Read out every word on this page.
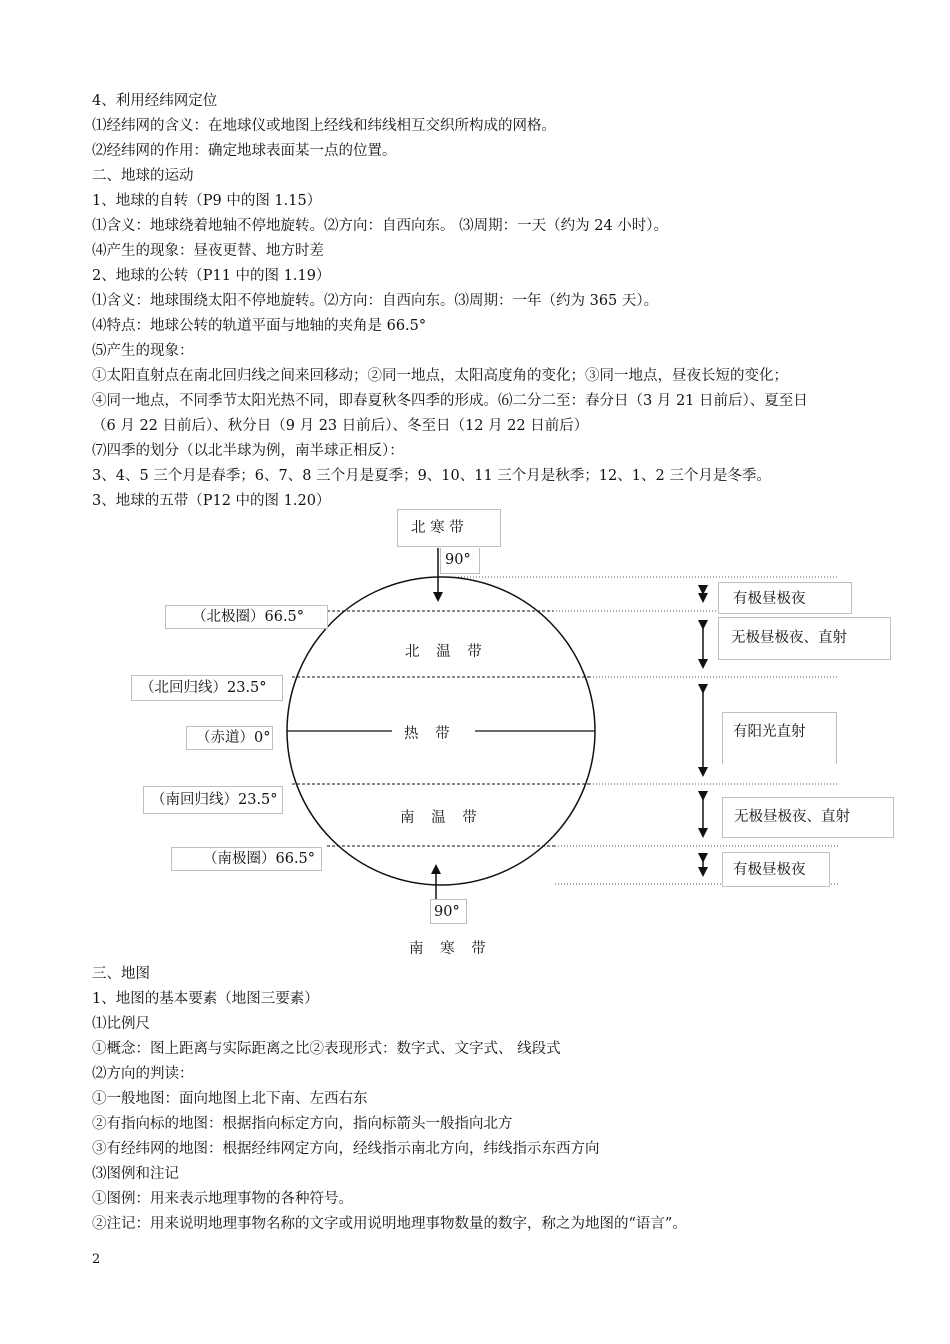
4、利用经纬网定位
⑴经纬网的含义：在地球仪或地图上经线和纬线相互交织所构成的网格。
⑵经纬网的作用：确定地球表面某一点的位置。
二、地球的运动
1、地球的自转（P9 中的图 1.15）
⑴含义：地球绕着地轴不停地旋转。⑵方向：自西向东。 ⑶周期：一天（约为 24 小时）。
⑷产生的现象：昼夜更替、地方时差
2、地球的公转（P11 中的图 1.19）
⑴含义：地球围绕太阳不停地旋转。⑵方向：自西向东。⑶周期：一年（约为 365 天）。
⑷特点：地球公转的轨道平面与地轴的夹角是 66.5°
⑸产生的现象：
①太阳直射点在南北回归线之间来回移动；②同一地点，太阳高度角的变化；③同一地点，昼夜长短的变化；
④同一地点，不同季节太阳光热不同，即春夏秋冬四季的形成。⑹二分二至：春分日（3 月 21 日前后）、夏至日
（6 月 22 日前后）、秋分日（9 月 23 日前后）、冬至日（12 月 22 日前后）
⑺四季的划分（以北半球为例，南半球正相反）：
3、4、5 三个月是春季；6、7、8 三个月是夏季；9、10、11 三个月是秋季；12、1、2 三个月是冬季。
3、地球的五带（P12 中的图 1.20）
北 寒 带
90°
北 温 带
热 带
南 温 带
（北极圈）66.5°
（北回归线）23.5°
（赤道）0°
（南回归线）23.5°
（南极圈）66.5°
有极昼极夜
无极昼极夜、直射
有阳光直射
无极昼极夜、直射
有极昼极夜
90°
南 寒 带
三、地图
1、地图的基本要素（地图三要素）
⑴比例尺
①概念：图上距离与实际距离之比②表现形式：数字式、文字式、 线段式
⑵方向的判读：
①一般地图：面向地图上北下南、左西右东
②有指向标的地图：根据指向标定方向，指向标箭头一般指向北方
③有经纬网的地图：根据经纬网定方向，经线指示南北方向，纬线指示东西方向
⑶图例和注记
①图例：用来表示地理事物的各种符号。
②注记：用来说明地理事物名称的文字或用说明地理事物数量的数字，称之为地图的“语言”。
2
